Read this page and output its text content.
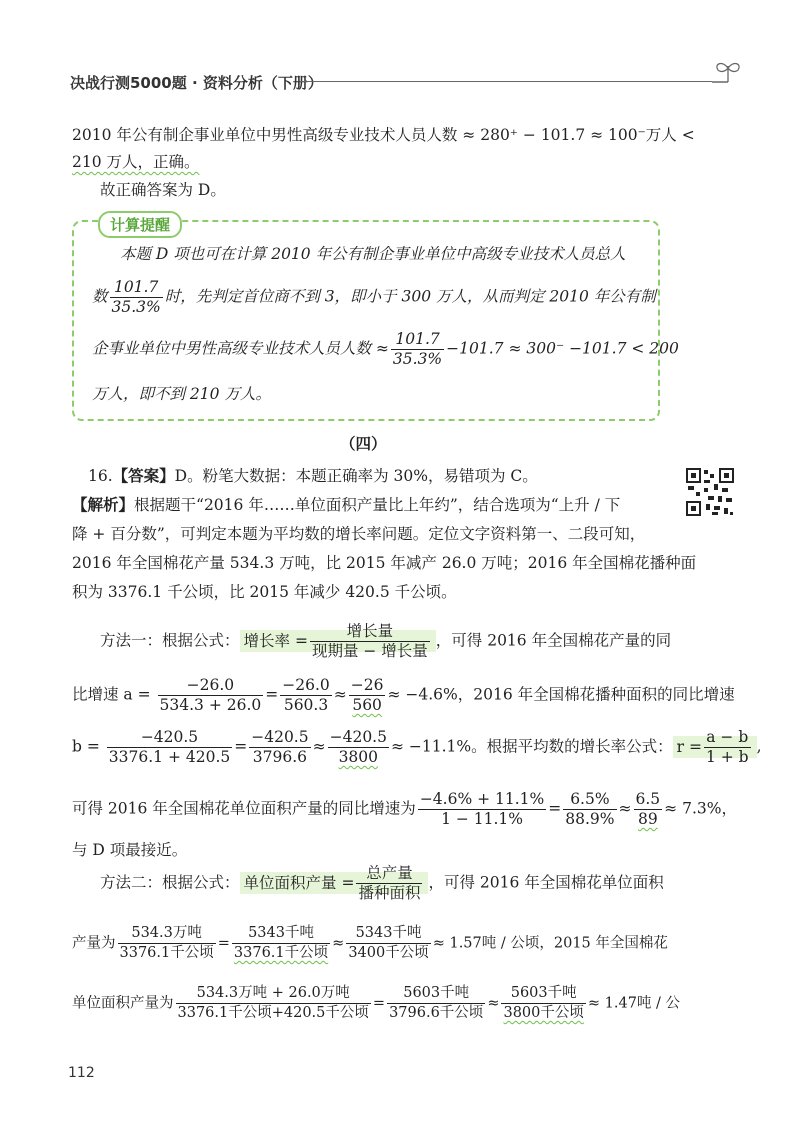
决战行测5000题 · 资料分析（下册）
2010 年公有制企事业单位中男性高级专业技术人员人数 ≈ 280⁺ − 101.7 ≈ 100⁻万人 <
210 万人，正确。
故正确答案为 D。
计算提醒
本题 D 项也可在计算 2010 年公有制企事业单位中高级专业技术人员总人
数 $\frac{101.7}{35.3\%}$ 时，先判定首位商不到 3，即小于 300 万人，从而判定 2010 年公有制
企事业单位中男性高级专业技术人员人数 ≈ $\frac{101.7}{35.3\%} -101.7 \approx 300^- -101.7 < 200$
万人，即不到 210 万人。
（四）
16.【答案】D。粉笔大数据：本题正确率为 30%，易错项为 C。
【解析】根据题干“2016 年……单位面积产量比上年约”，结合选项为“上升 / 下
降 + 百分数”，可判定本题为平均数的增长率问题。定位文字资料第一、二段可知，
2016 年全国棉花产量 534.3 万吨，比 2015 年减产 26.0 万吨；2016 年全国棉花播种面
积为 3376.1 千公顷，比 2015 年减少 420.5 千公顷。
方法一：根据公式： 增长率 = $\frac{\text{增长量}}{\text{现期量 − 增长量}}$ ，可得 2016 年全国棉花产量的同
比增速 $a = \frac{-26.0}{534.3 + 26.0} = \frac{-26.0}{560.3} \approx \frac{-26}{560} \approx -4.6\%$，2016 年全国棉花播种面积的同比增速
$b = \frac{-420.5}{3376.1 + 420.5} = \frac{-420.5}{3796.6} \approx \frac{-420.5}{3800} \approx -11.1\%$。根据平均数的增长率公式： $r = \frac{a - b}{1 + b}$ ,
可得 2016 年全国棉花单位面积产量的同比增速为 $\frac{-4.6\% + 11.1\%}{1 - 11.1\%} = \frac{6.5\%}{88.9\%} \approx \frac{6.5}{89} \approx 7.3\%$，
与 D 项最接近。
方法二：根据公式： 单位面积产量 = $\frac{\text{总产量}}{\text{播种面积}}$ ，可得 2016 年全国棉花单位面积
产量为 $\frac{\text{534.3万吨}}{\text{3376.1千公顷}} = \frac{\text{5343千吨}}{\text{3376.1千公顷}} \approx \frac{\text{5343千吨}}{\text{3400千公顷}} \approx 1.57$吨 / 公顷，2015 年全国棉花
单位面积产量为 $\frac{\text{534.3万吨 + 26.0万吨}}{\text{3376.1千公顷+420.5千公顷}} = \frac{\text{5603千吨}}{\text{3796.6千公顷}} \approx \frac{\text{5603千吨}}{\text{3800千公顷}} \approx 1.47$吨 / 公
112
